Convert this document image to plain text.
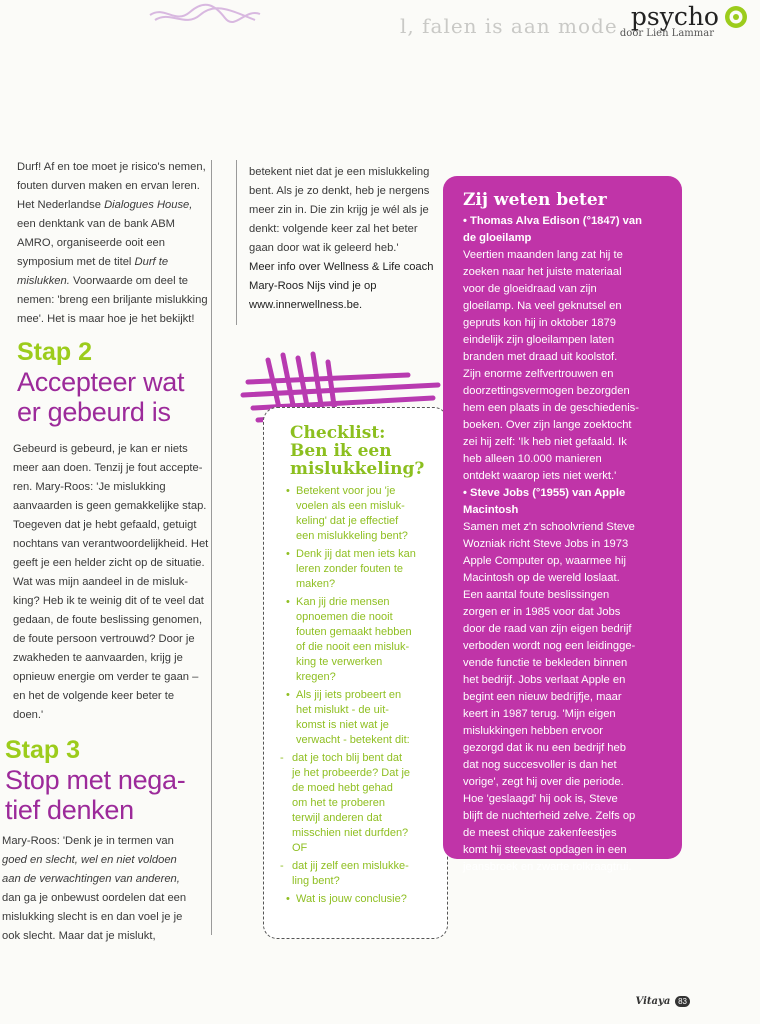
l, falen is aan mode psycho
door Lien Lammar

Durf! Af en toe moet je risico's nemen,

fouten durven maken en ervan leren.

Het Nederlandse Dialogues House,

een denktank van de bank ABM

AMRO, organiseerde ooit een

symposium met de titel Durf te

mislukken. Voorwaarde om deel te

nemen: 'breng een briljante mislukking

mee'. Het is maar hoe je het bekijkt!

Stap 2
Accepteer wat
er gebeurd is

Gebeurd is gebeurd, je kan er niets

meer aan doen. Tenzij je fout accepte-

ren. Mary-Roos: 'Je mislukking

aanvaarden is geen gemakkelijke stap.

Toegeven dat je hebt gefaald, getuigt

nochtans van verantwoordelijkheid. Het

geeft je een helder zicht op de situatie.

Wat was mijn aandeel in de misluk-

king? Heb ik te weinig dit of te veel dat

gedaan, de foute beslissing genomen,

de foute persoon vertrouwd? Door je

zwakheden te aanvaarden, krijg je

opnieuw energie om verder te gaan –

en het de volgende keer beter te

doen.'

Stap 3
Stop met nega-
tief denken

Mary-Roos: 'Denk je in termen van

goed en slecht, wel en niet voldoen

aan de verwachtingen van anderen,

dan ga je onbewust oordelen dat een

mislukking slecht is en dan voel je je

ook slecht. Maar dat je mislukt,

betekent niet dat je een mislukkeling

bent. Als je zo denkt, heb je nergens

meer zin in. Die zin krijg je wél als je

denkt: volgende keer zal het beter

gaan door wat ik geleerd heb.'

Meer info over Wellness & Life coach

Mary-Roos Nijs vind je op

www.innerwellness.be.

Checklist:
Ben ik een
mislukkeling?
• Betekent voor jou 'je
voelen als een misluk-
keling' dat je effectief
een mislukkeling bent?
• Denk jij dat men iets kan
leren zonder fouten te
maken?
• Kan jij drie mensen
opnoemen die nooit
fouten gemaakt hebben
of die nooit een misluk-
king te verwerken
kregen?
• Als jij iets probeert en
het mislukt - de uit-
komst is niet wat je
verwacht - betekent dit:
- dat je toch blij bent dat
je het probeerde? Dat je
de moed hebt gehad
om het te proberen
terwijl anderen dat
misschien niet durfden?
OF
- dat jij zelf een mislukke-
ling bent?
• Wat is jouw conclusie?
Zij weten beter
• Thomas Alva Edison (°1847) van
de gloeilamp
Veertien maanden lang zat hij te
zoeken naar het juiste materiaal
voor de gloeidraad van zijn
gloeilamp. Na veel geknutsel en
gepruts kon hij in oktober 1879
eindelijk zijn gloeilampen laten
branden met draad uit koolstof.
Zijn enorme zelfvertrouwen en
doorzettingsvermogen bezorgden
hem een plaats in de geschiedenis-
boeken. Over zijn lange zoektocht
zei hij zelf: 'Ik heb niet gefaald. Ik
heb alleen 10.000 manieren
ontdekt waarop iets niet werkt.'
• Steve Jobs (°1955) van Apple
Macintosh
Samen met z'n schoolvriend Steve
Wozniak richt Steve Jobs in 1973
Apple Computer op, waarmee hij
Macintosh op de wereld loslaat.
Een aantal foute beslissingen
zorgen er in 1985 voor dat Jobs
door de raad van zijn eigen bedrijf
verboden wordt nog een leidingge-
vende functie te bekleden binnen
het bedrijf. Jobs verlaat Apple en
begint een nieuw bedrijfje, maar
keert in 1987 terug. 'Mijn eigen
mislukkingen hebben ervoor
gezorgd dat ik nu een bedrijf heb
dat nog succesvoller is dan het
vorige', zegt hij over die periode.
Hoe 'geslaagd' hij ook is, Steve
blijft de nuchterheid zelve. Zelfs op
de meest chique zakenfeestjes
komt hij steevast opdagen in een
jeansbroek en zwarte rolkraagtrui.
Vitaya 83
